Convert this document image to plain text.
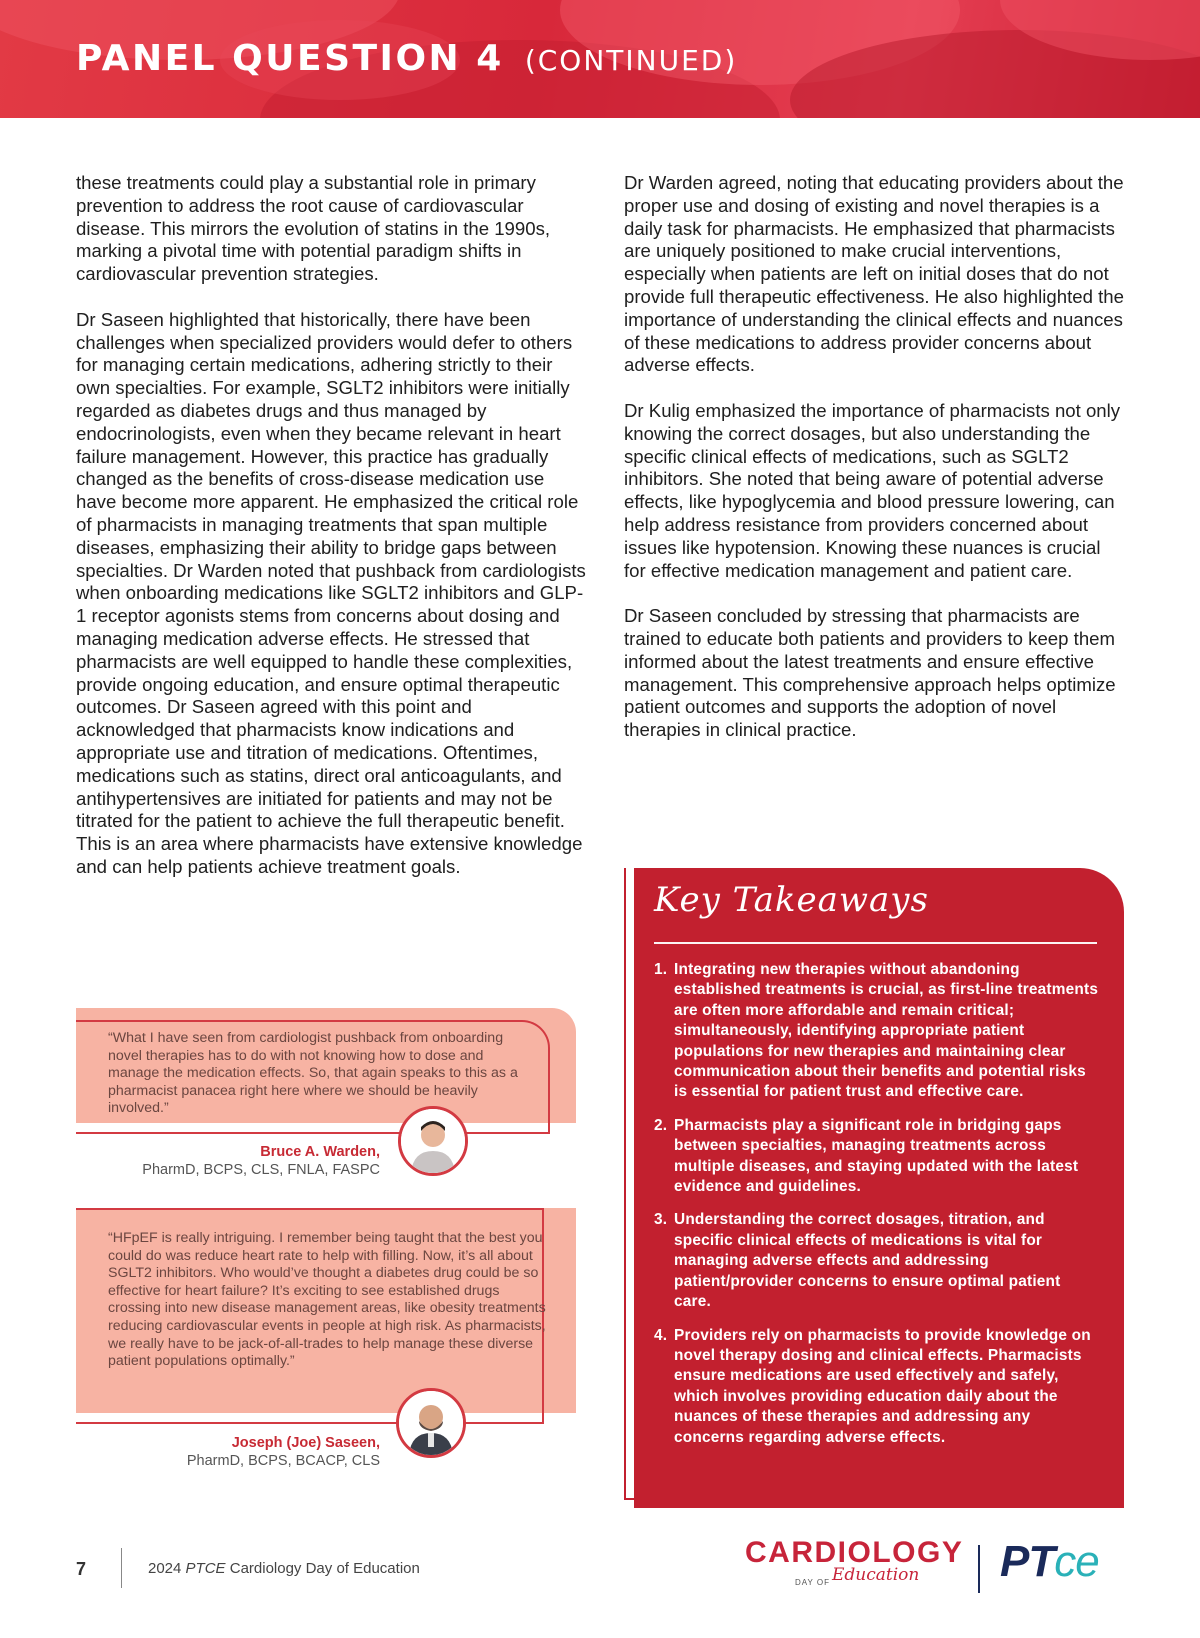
PANEL QUESTION 4 (CONTINUED)

these treatments could play a substantial role in primary prevention to address the root cause of cardiovascular disease. This mirrors the evolution of statins in the 1990s, marking a pivotal time with potential paradigm shifts in cardiovascular prevention strategies.

Dr Saseen highlighted that historically, there have been challenges when specialized providers would defer to others for managing certain medications, adhering strictly to their own specialties. For example, SGLT2 inhibitors were initially regarded as diabetes drugs and thus managed by endocrinologists, even when they became relevant in heart failure management. However, this practice has gradually changed as the benefits of cross-disease medication use have become more apparent. He emphasized the critical role of pharmacists in managing treatments that span multiple diseases, emphasizing their ability to bridge gaps between specialties. Dr Warden noted that pushback from cardiologists when onboarding medications like SGLT2 inhibitors and GLP-1 receptor agonists stems from concerns about dosing and managing medication adverse effects. He stressed that pharmacists are well equipped to handle these complexities, provide ongoing education, and ensure optimal therapeutic outcomes. Dr Saseen agreed with this point and acknowledged that pharmacists know indications and appropriate use and titration of medications. Oftentimes, medications such as statins, direct oral anticoagulants, and antihypertensives are initiated for patients and may not be titrated for the patient to achieve the full therapeutic benefit. This is an area where pharmacists have extensive knowledge and can help patients achieve treatment goals.

Dr Warden agreed, noting that educating providers about the proper use and dosing of existing and novel therapies is a daily task for pharmacists. He emphasized that pharmacists are uniquely positioned to make crucial interventions, especially when patients are left on initial doses that do not provide full therapeutic effectiveness. He also highlighted the importance of understanding the clinical effects and nuances of these medications to address provider concerns about adverse effects.

Dr Kulig emphasized the importance of pharmacists not only knowing the correct dosages, but also understanding the specific clinical effects of medications, such as SGLT2 inhibitors. She noted that being aware of potential adverse effects, like hypoglycemia and blood pressure lowering, can help address resistance from providers concerned about issues like hypotension. Knowing these nuances is crucial for effective medication management and patient care.

Dr Saseen concluded by stressing that pharmacists are trained to educate both patients and providers to keep them informed about the latest treatments and ensure effective management. This comprehensive approach helps optimize patient outcomes and supports the adoption of novel therapies in clinical practice.

“What I have seen from cardiologist pushback from onboarding novel therapies has to do with not knowing how to dose and manage the medication effects. So, that again speaks to this as a pharmacist panacea right here where we should be heavily involved.”
Bruce A. Warden,
PharmD, BCPS, CLS, FNLA, FASPC
“HFpEF is really intriguing. I remember being taught that the best you could do was reduce heart rate to help with filling. Now, it’s all about SGLT2 inhibitors. Who would’ve thought a diabetes drug could be so effective for heart failure? It’s exciting to see established drugs crossing into new disease management areas, like obesity treatments reducing cardiovascular events in people at high risk. As pharmacists, we really have to be jack-of-all-trades to help manage these diverse patient populations optimally.”
Joseph (Joe) Saseen,
PharmD, BCPS, BCACP, CLS
Key Takeaways
1. Integrating new therapies without abandoning established treatments is crucial, as first-line treatments are often more affordable and remain critical; simultaneously, identifying appropriate patient populations for new therapies and maintaining clear communication about their benefits and potential risks is essential for patient trust and effective care.
2. Pharmacists play a significant role in bridging gaps between specialties, managing treatments across multiple diseases, and staying updated with the latest evidence and guidelines.
3. Understanding the correct dosages, titration, and specific clinical effects of medications is vital for managing adverse effects and addressing patient/provider concerns to ensure optimal patient care.
4. Providers rely on pharmacists to provide knowledge on novel therapy dosing and clinical effects. Pharmacists ensure medications are used effectively and safely, which involves providing education daily about the nuances of these therapies and addressing any concerns regarding adverse effects.
7	2024 PTCE Cardiology Day of Education	CARDIOLOGY
DAY OF Education PTce
